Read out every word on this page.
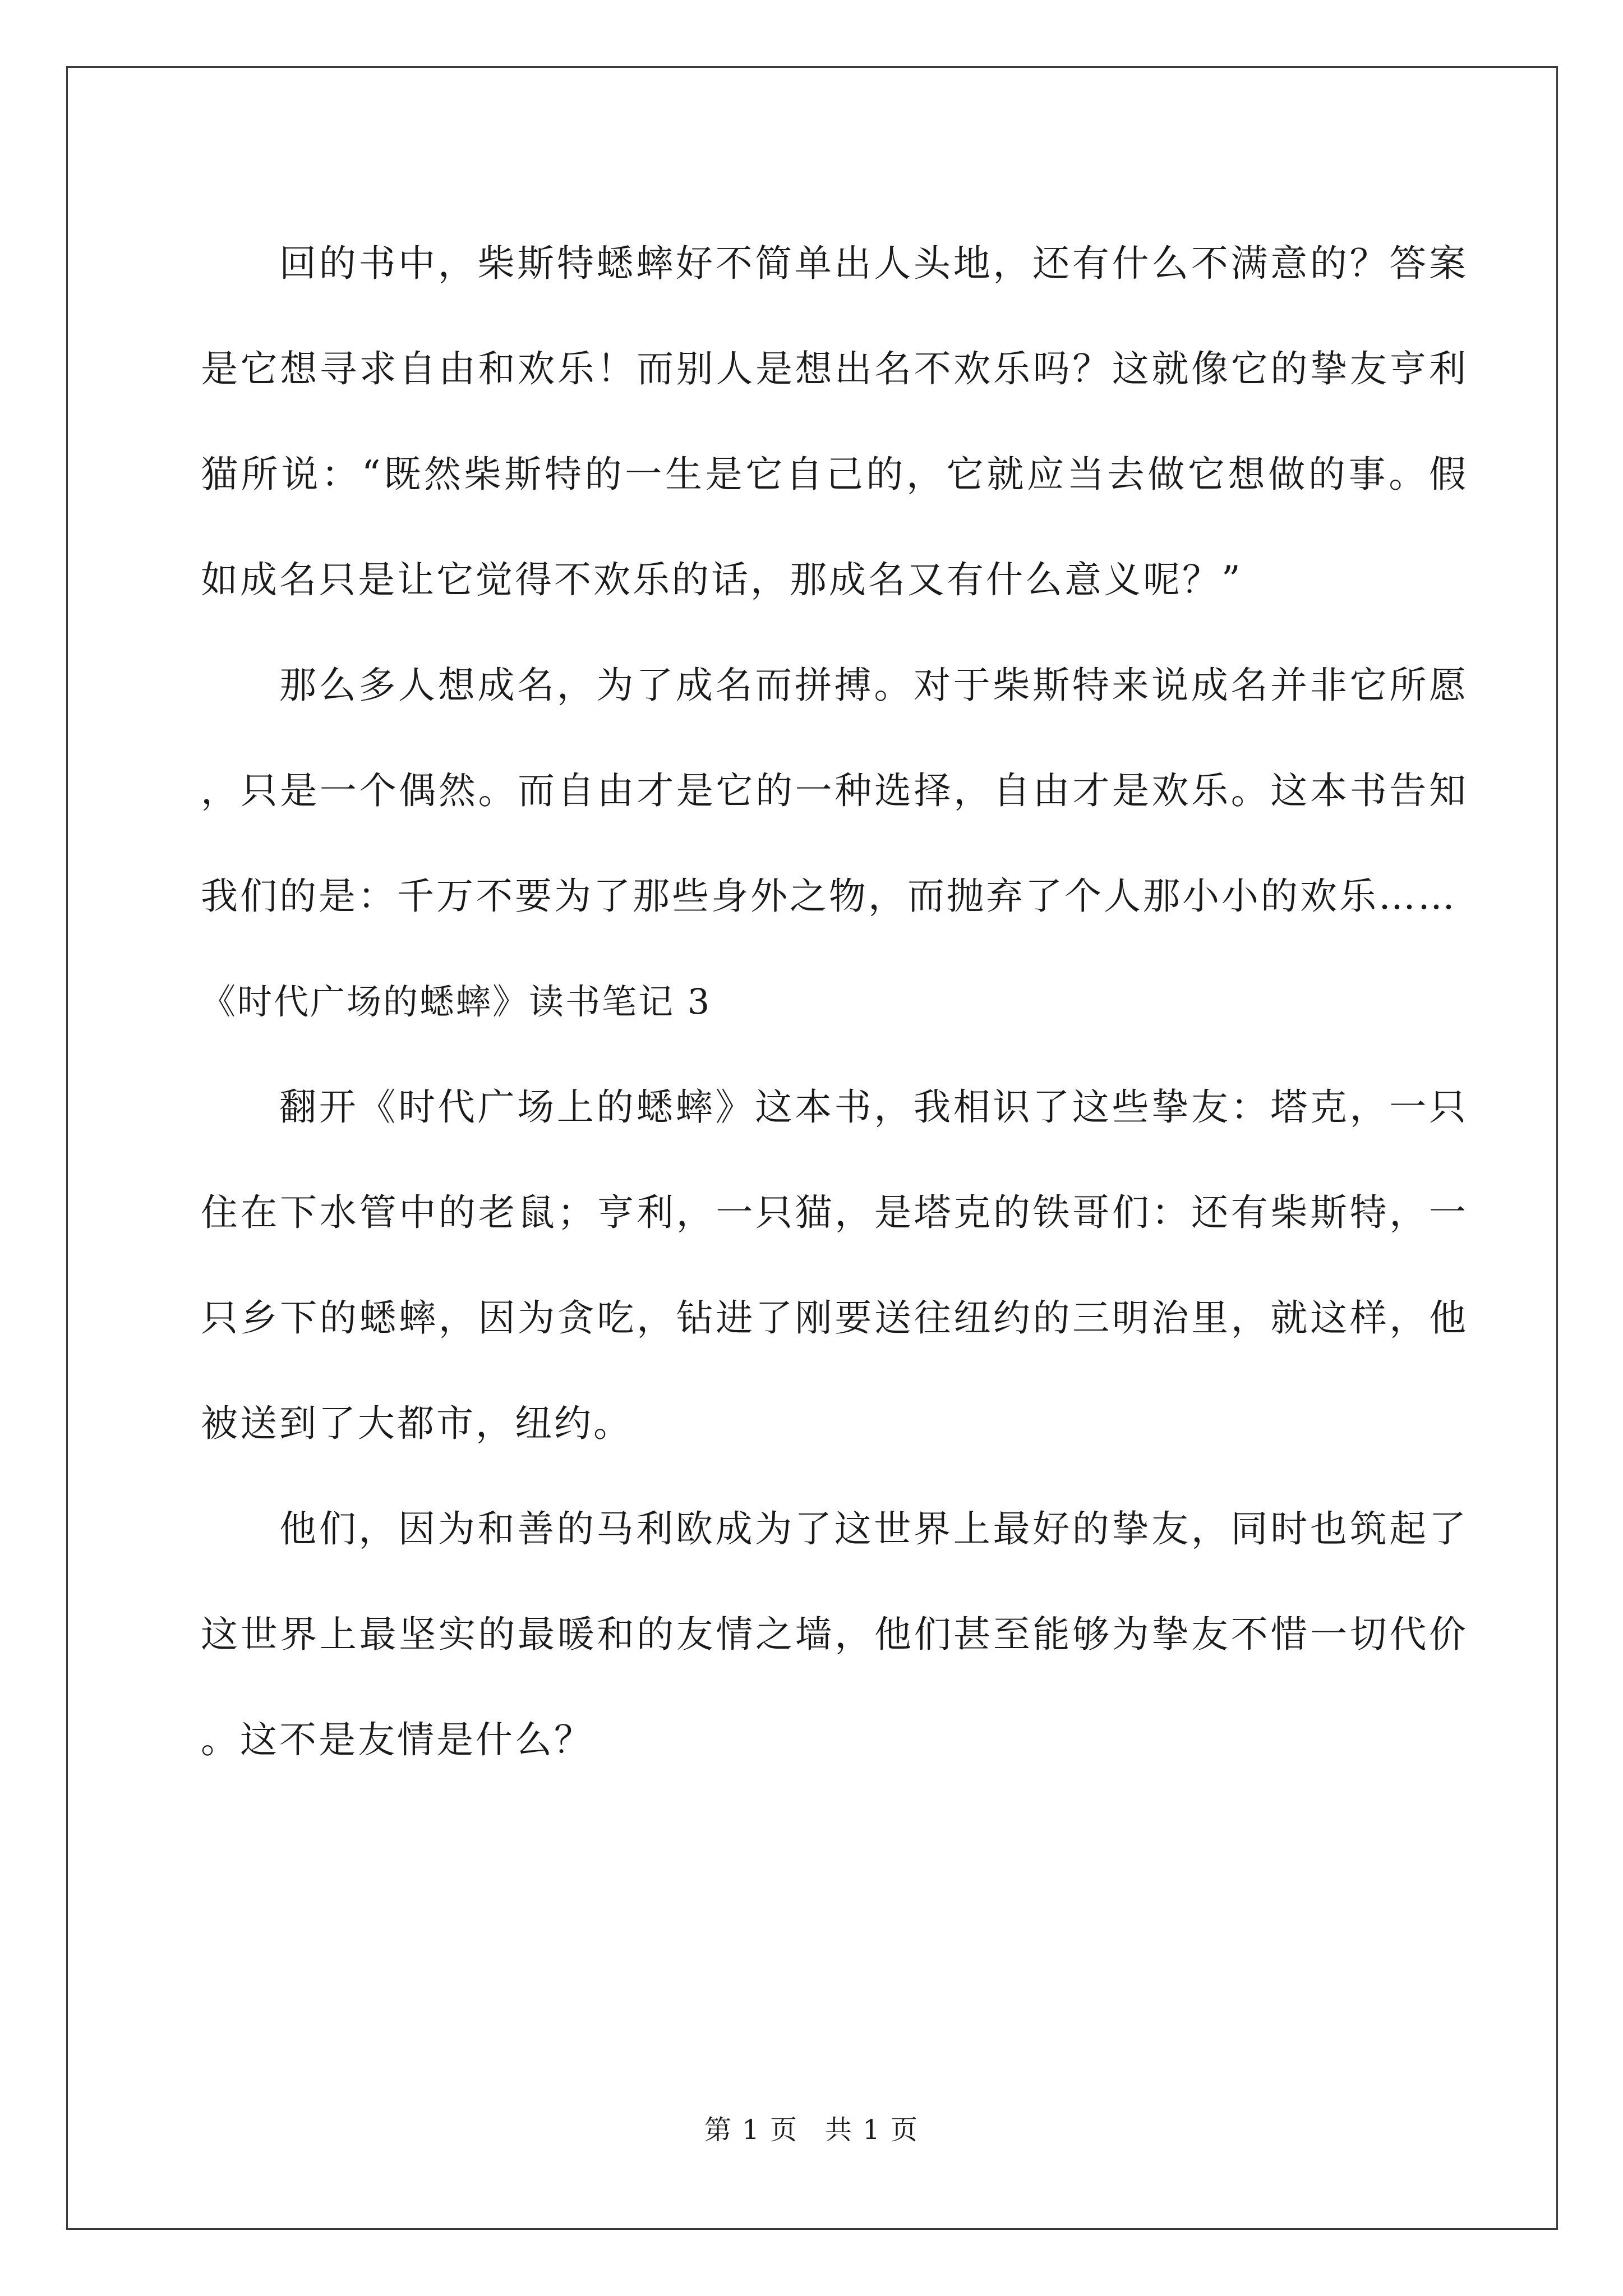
回的书中，柴斯特蟋蟀好不简单出人头地，还有什么不满意的？答案是它想寻求自由和欢乐！而别人是想出名不欢乐吗？这就像它的挚友亨利猫所说：“既然柴斯特的一生是它自己的，它就应当去做它想做的事。假如成名只是让它觉得不欢乐的话，那成名又有什么意义呢？”

那么多人想成名，为了成名而拼搏。对于柴斯特来说成名并非它所愿，只是一个偶然。而自由才是它的一种选择，自由才是欢乐。这本书告知我们的是：千万不要为了那些身外之物，而抛弃了个人那小小的欢乐……

《时代广场的蟋蟀》读书笔记 3

翻开《时代广场上的蟋蟀》这本书，我相识了这些挚友：塔克，一只住在下水管中的老鼠；亨利，一只猫，是塔克的铁哥们：还有柴斯特，一只乡下的蟋蟀，因为贪吃，钻进了刚要送往纽约的三明治里，就这样，他被送到了大都市，纽约。

他们，因为和善的马利欧成为了这世界上最好的挚友，同时也筑起了这世界上最坚实的最暖和的友情之墙，他们甚至能够为挚友不惜一切代价。这不是友情是什么？

第 1 页 共 1 页
